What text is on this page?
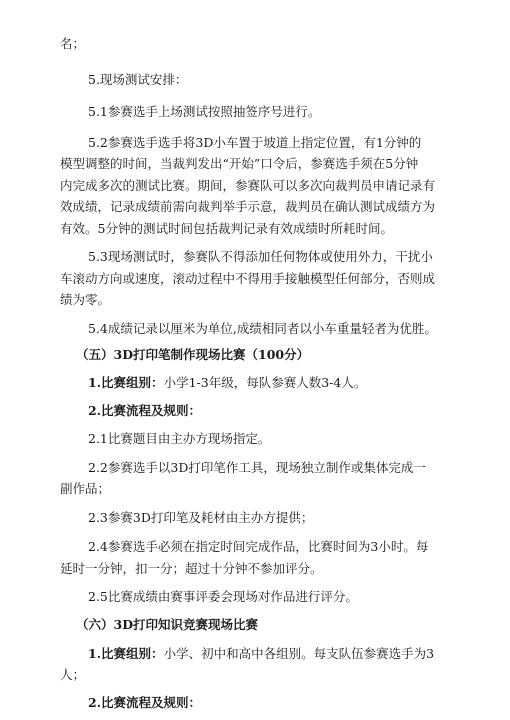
名；
5.现场测试安排：
5.1参赛选手上场测试按照抽签序号进行。
5.2参赛选手选手将3D小车置于坡道上指定位置，有1分钟的
模型调整的时间，当裁判发出“开始”口令后，参赛选手须在5分钟
内完成多次的测试比赛。期间，参赛队可以多次向裁判员申请记录有
效成绩，记录成绩前需向裁判举手示意，裁判员在确认测试成绩方为
有效。5分钟的测试时间包括裁判记录有效成绩时所耗时间。
5.3现场测试时，参赛队不得添加任何物体或使用外力，干扰小
车滚动方向或速度，滚动过程中不得用手接触模型任何部分，否则成
绩为零。
5.4成绩记录以厘米为单位,成绩相同者以小车重量轻者为优胜。
（五）3D打印笔制作现场比赛（100分）
1.比赛组别：小学1-3年级，每队参赛人数3-4人。
2.比赛流程及规则：
2.1比赛题目由主办方现场指定。
2.2参赛选手以3D打印笔作工具，现场独立制作或集体完成一
副作品；
2.3参赛3D打印笔及耗材由主办方提供；
2.4参赛选手必须在指定时间完成作品，比赛时间为3小时。每
延时一分钟，扣一分；超过十分钟不参加评分。
2.5比赛成绩由赛事评委会现场对作品进行评分。
（六）3D打印知识竞赛现场比赛
1.比赛组别：小学、初中和高中各组别。每支队伍参赛选手为3
人；
2.比赛流程及规则：
